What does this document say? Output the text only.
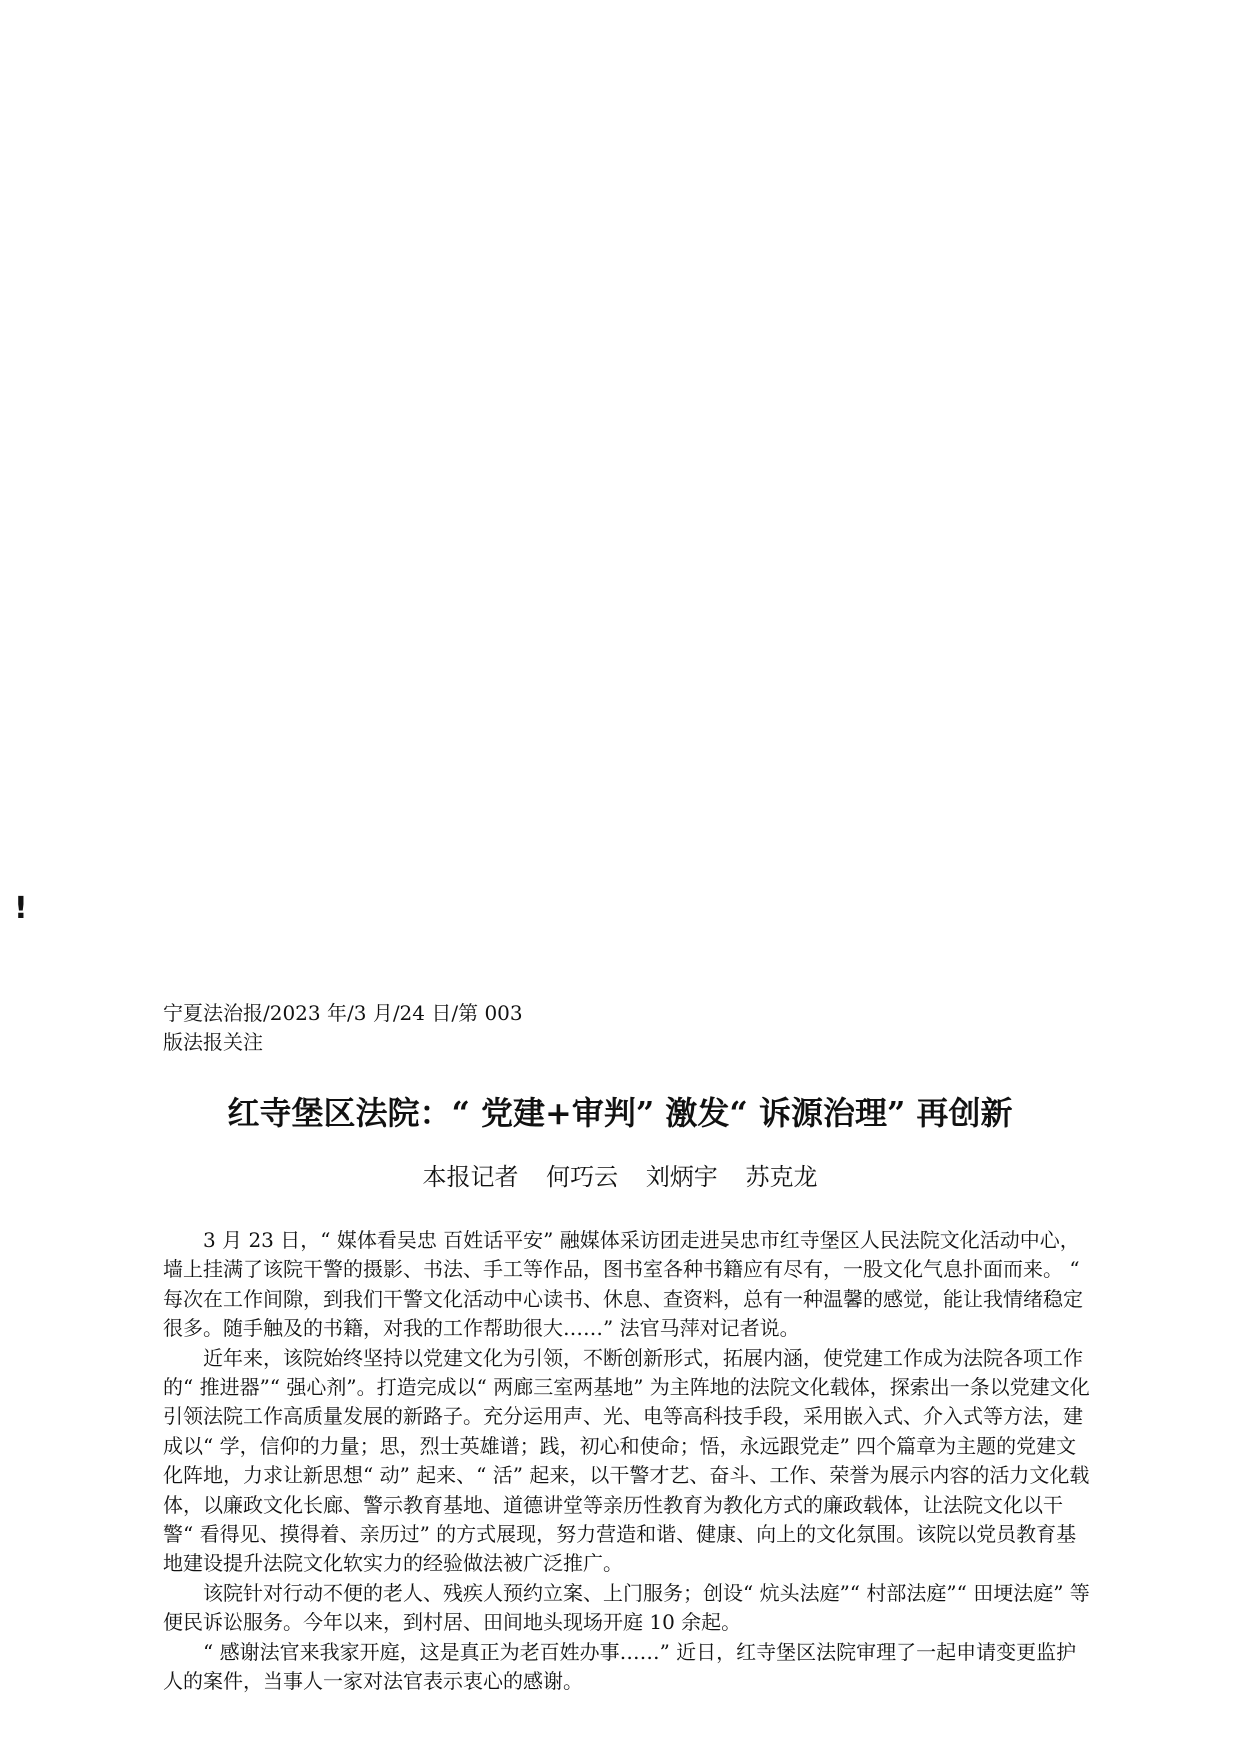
!
宁夏法治报/2023 年/3 月/24 日/第 003
版法报关注
红寺堡区法院：“ 党建+审判” 激发“ 诉源治理” 再创新
本报记者 何巧云 刘炳宇 苏克龙

3 月 23 日，“ 媒体看吴忠 百姓话平安” 融媒体采访团走进吴忠市红寺堡区人民法院文化活动中心，墙上挂满了该院干警的摄影、书法、手工等作品，图书室各种书籍应有尽有，一股文化气息扑面而来。 “ 每次在工作间隙，到我们干警文化活动中心读书、休息、查资料，总有一种温馨的感觉，能让我情绪稳定很多。随手触及的书籍，对我的工作帮助很大……” 法官马萍对记者说。

近年来，该院始终坚持以党建文化为引领，不断创新形式，拓展内涵，使党建工作成为法院各项工作的“ 推进器”“ 强心剂”。打造完成以“ 两廊三室两基地” 为主阵地的法院文化载体，探索出一条以党建文化引领法院工作高质量发展的新路子。充分运用声、光、电等高科技手段，采用嵌入式、介入式等方法，建成以“ 学，信仰的力量；思，烈士英雄谱；践，初心和使命；悟，永远跟党走” 四个篇章为主题的党建文化阵地，力求让新思想“ 动” 起来、“ 活” 起来，以干警才艺、奋斗、工作、荣誉为展示内容的活力文化载体，以廉政文化长廊、警示教育基地、道德讲堂等亲历性教育为教化方式的廉政载体，让法院文化以干警“ 看得见、摸得着、亲历过” 的方式展现，努力营造和谐、健康、向上的文化氛围。该院以党员教育基地建设提升法院文化软实力的经验做法被广泛推广。

该院针对行动不便的老人、残疾人预约立案、上门服务；创设“ 炕头法庭”“ 村部法庭”“ 田埂法庭” 等便民诉讼服务。今年以来，到村居、田间地头现场开庭 10 余起。

“ 感谢法官来我家开庭，这是真正为老百姓办事……” 近日，红寺堡区法院审理了一起申请变更监护人的案件，当事人一家对法官表示衷心的感谢。
